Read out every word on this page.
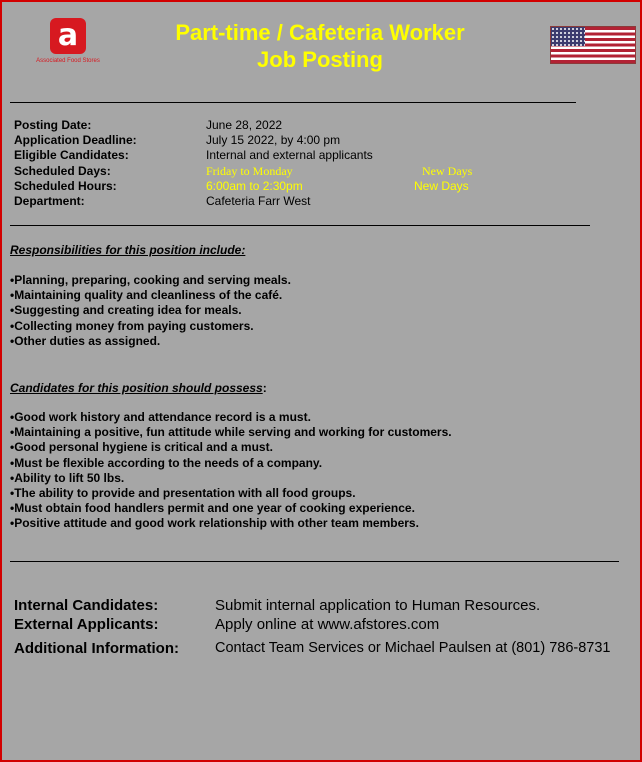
a
Associated Food Stores
Part-time / Cafeteria Worker
Job Posting
Posting Date:	June 28, 2022
Application Deadline:	July 15 2022, by 4:00 pm
Eligible Candidates:	Internal and external applicants
Scheduled Days:	Friday to Monday	New Days
Scheduled Hours:	6:00am to 2:30pm	New Days
Department:	Cafeteria Farr West
Responsibilities for this position include:
•Planning, preparing, cooking and serving meals.
•Maintaining quality and cleanliness of the café.
•Suggesting and creating idea for meals.
•Collecting money from paying customers.
•Other duties as assigned.
Candidates for this position should possess:
•Good work history and attendance record is a must.
•Maintaining a positive, fun attitude while serving and working for customers.
•Good personal hygiene is critical and a must.
•Must be flexible according to the needs of a company.
•Ability to lift 50 lbs.
•The ability to provide and presentation with all food groups.
•Must obtain food handlers permit and one year of cooking experience.
•Positive attitude and good work relationship with other team members.
Internal Candidates:	Submit internal application to Human Resources.
External Applicants:	Apply online at www.afstores.com
Additional Information: Contact Team Services or Michael Paulsen at (801) 786-8731
